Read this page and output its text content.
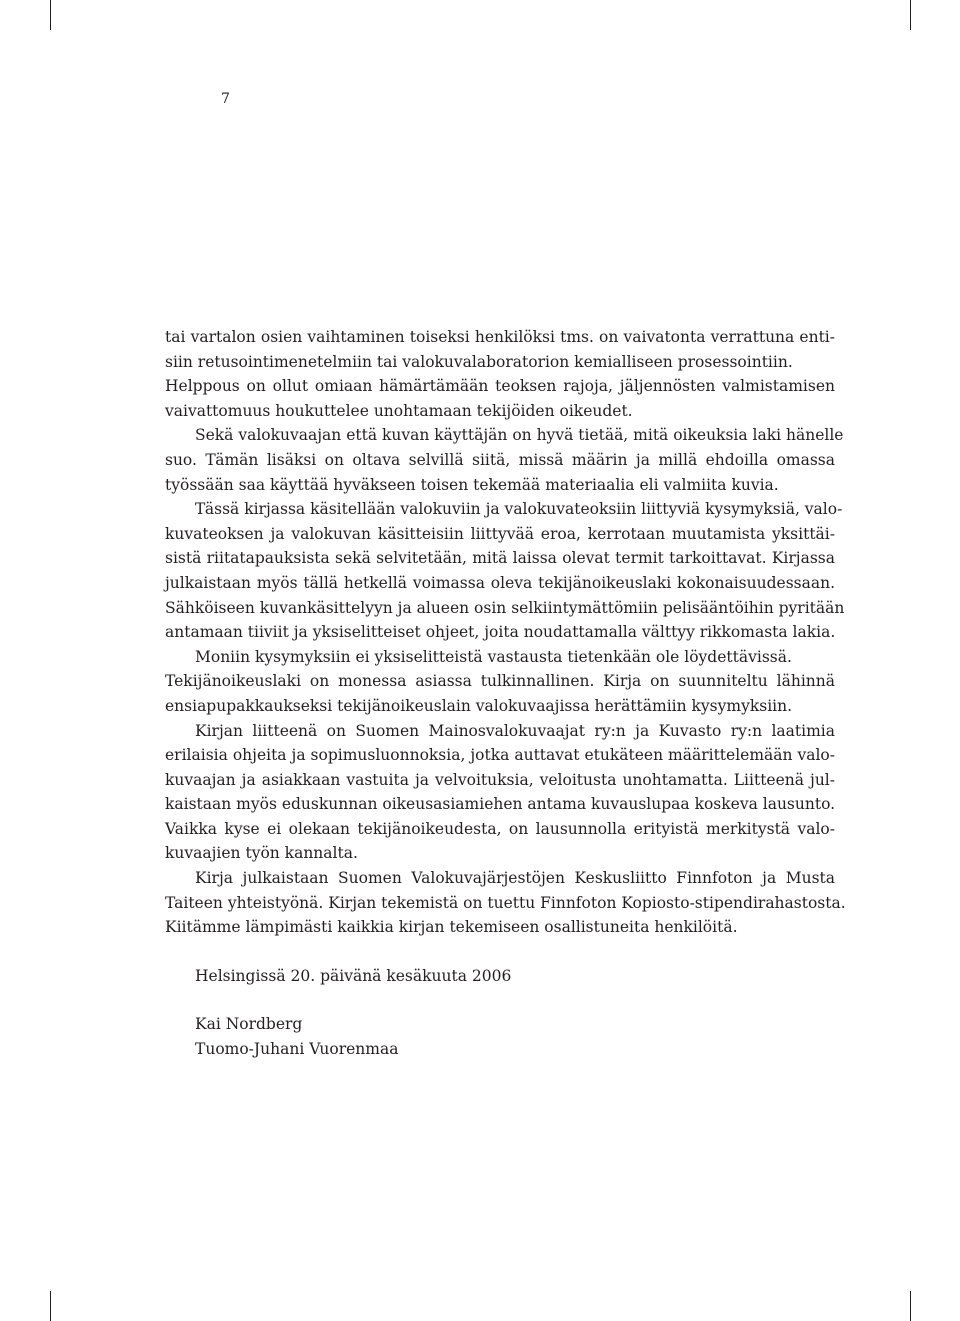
7
tai vartalon osien vaihtaminen toiseksi henkilöksi tms. on vaivatonta verrattuna enti-
siin retusointimenetelmiin tai valokuvalaboratorion kemialliseen prosessointiin.
Helppous on ollut omiaan hämärtämään teoksen rajoja, jäljennösten valmistamisen
vaivattomuus houkuttelee unohtamaan tekijöiden oikeudet.
Sekä valokuvaajan että kuvan käyttäjän on hyvä tietää, mitä oikeuksia laki hänelle
suo. Tämän lisäksi on oltava selvillä siitä, missä määrin ja millä ehdoilla omassa
työssään saa käyttää hyväkseen toisen tekemää materiaalia eli valmiita kuvia.
Tässä kirjassa käsitellään valokuviin ja valokuvateoksiin liittyviä kysymyksiä, valo-
kuvateoksen ja valokuvan käsitteisiin liittyvää eroa, kerrotaan muutamista yksittäi-
sistä riitatapauksista sekä selvitetään, mitä laissa olevat termit tarkoittavat. Kirjassa
julkaistaan myös tällä hetkellä voimassa oleva tekijänoikeuslaki kokonaisuudessaan.
Sähköiseen kuvankäsittelyyn ja alueen osin selkiintymättömiin pelisääntöihin pyritään
antamaan tiiviit ja yksiselitteiset ohjeet, joita noudattamalla välttyy rikkomasta lakia.
Moniin kysymyksiin ei yksiselitteistä vastausta tietenkään ole löydettävissä.
Tekijänoikeuslaki on monessa asiassa tulkinnallinen. Kirja on suunniteltu lähinnä
ensiapupakkaukseksi tekijänoikeuslain valokuvaajissa herättämiin kysymyksiin.
Kirjan liitteenä on Suomen Mainosvalokuvaajat ry:n ja Kuvasto ry:n laatimia
erilaisia ohjeita ja sopimusluonnoksia, jotka auttavat etukäteen määrittelemään valo-
kuvaajan ja asiakkaan vastuita ja velvoituksia, veloitusta unohtamatta. Liitteenä jul-
kaistaan myös eduskunnan oikeusasiamiehen antama kuvauslupaa koskeva lausunto.
Vaikka kyse ei olekaan tekijänoikeudesta, on lausunnolla erityistä merkitystä valo-
kuvaajien työn kannalta.
Kirja julkaistaan Suomen Valokuvajärjestöjen Keskusliitto Finnfoton ja Musta
Taiteen yhteistyönä. Kirjan tekemistä on tuettu Finnfoton Kopiosto-stipendirahastosta.
Kiitämme lämpimästi kaikkia kirjan tekemiseen osallistuneita henkilöitä.
Helsingissä 20. päivänä kesäkuuta 2006
Kai Nordberg
Tuomo-Juhani Vuorenmaa
